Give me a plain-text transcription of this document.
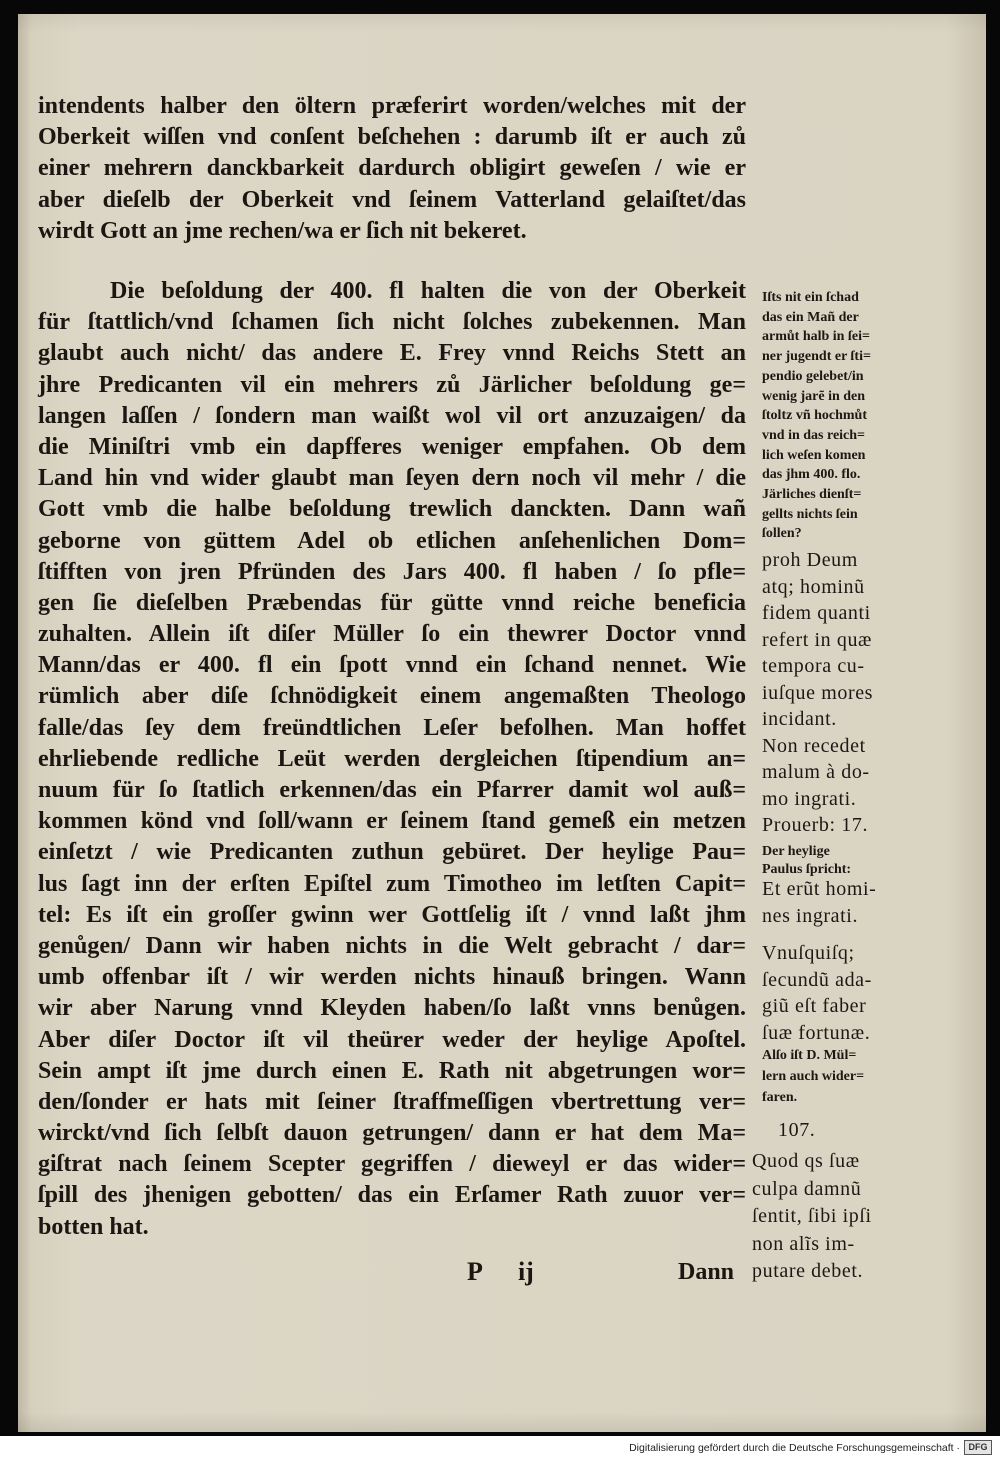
intendents halber den öltern præferirt worden/welches mit der
Oberkeit wiſſen vnd conſent beſchehen : darumb iſt er auch zů
einer mehrern danckbarkeit dardurch obligirt geweſen / wie er
aber dieſelb der Oberkeit vnd ſeinem Vatterland gelaiſtet/das
wirdt Gott an jme rechen/wa er ſich nit bekeret.
Die beſoldung der 400. fl halten die von der Oberkeit
für ſtattlich/vnd ſchamen ſich nicht ſolches zubekennen. Man
glaubt auch nicht/ das andere E. Frey vnnd Reichs Stett an
jhre Predicanten vil ein mehrers zů Järlicher beſoldung ge=
langen laſſen / ſondern man waißt wol vil ort anzuzaigen/ da
die Miniſtri vmb ein dapfferes weniger empfahen. Ob dem
Land hin vnd wider glaubt man ſeyen dern noch vil mehr / die
Gott vmb die halbe beſoldung trewlich danckten. Dann wañ
geborne von güttem Adel ob etlichen anſehenlichen Dom=
ſtifften von jren Pfründen des Jars 400. fl haben / ſo pfle=
gen ſie dieſelben Præbendas für gütte vnnd reiche beneficia
zuhalten. Allein iſt diſer Müller ſo ein thewrer Doctor vnnd
Mann/das er 400. fl ein ſpott vnnd ein ſchand nennet. Wie
rümlich aber diſe ſchnödigkeit einem angemaßten Theologo
falle/das ſey dem freündtlichen Leſer befolhen. Man hoffet
ehrliebende redliche Leüt werden dergleichen ſtipendium an=
nuum für ſo ſtatlich erkennen/das ein Pfarrer damit wol auß=
kommen könd vnd ſoll/wann er ſeinem ſtand gemeß ein metzen
einſetzt / wie Predicanten zuthun gebüret. Der heylige Pau=
lus ſagt inn der erſten Epiſtel zum Timotheo im letſten Capit=
tel: Es iſt ein groſſer gwinn wer Gottſelig iſt / vnnd laßt jhm
genůgen/ Dann wir haben nichts in die Welt gebracht / dar=
umb offenbar iſt / wir werden nichts hinauß bringen. Wann
wir aber Narung vnnd Kleyden haben/ſo laßt vnns benůgen.
Aber diſer Doctor iſt vil theürer weder der heylige Apoſtel.
Sein ampt iſt jme durch einen E. Rath nit abgetrungen wor=
den/ſonder er hats mit ſeiner ſtraffmeſſigen vbertrettung ver=
wirckt/vnd ſich ſelbſt dauon getrungen/ dann er hat dem Ma=
giſtrat nach ſeinem Scepter gegriffen / dieweyl er das wider=
ſpill des jhenigen gebotten/ das ein Erſamer Rath zuuor ver=
botten hat.
Iſts nit ein ſchad
das ein Mañ der
armůt halb in ſei=
ner jugendt er ſti=
pendio gelebet/in
wenig jarẽ in den
ſtoltz vñ hochmůt
vnd in das reich=
lich weſen komen
das jhm 400. flo.
Järliches dienſt=
gellts nichts ſein
ſollen?
proh Deum
atq; hominũ
fidem quanti
refert in quæ
tempora cu-
iuſque mores
incidant.
Non recedet
malum à do-
mo ingrati.
Prouerb: 17.
Der heylige
Paulus ſpricht:
Et erũt homi-
nes ingrati.
Vnuſquiſq;
ſecundũ ada-
giũ eſt faber
ſuæ fortunæ.
Alſo iſt D. Mül=
lern auch wider=
faren.
107.
Quod qs ſuæ
culpa damnũ
ſentit, ſibi ipſi
non alĩs im-
putare debet.
P ij	Dann
Digitalisierung gefördert durch die Deutsche Forschungsgemeinschaft · DFG
